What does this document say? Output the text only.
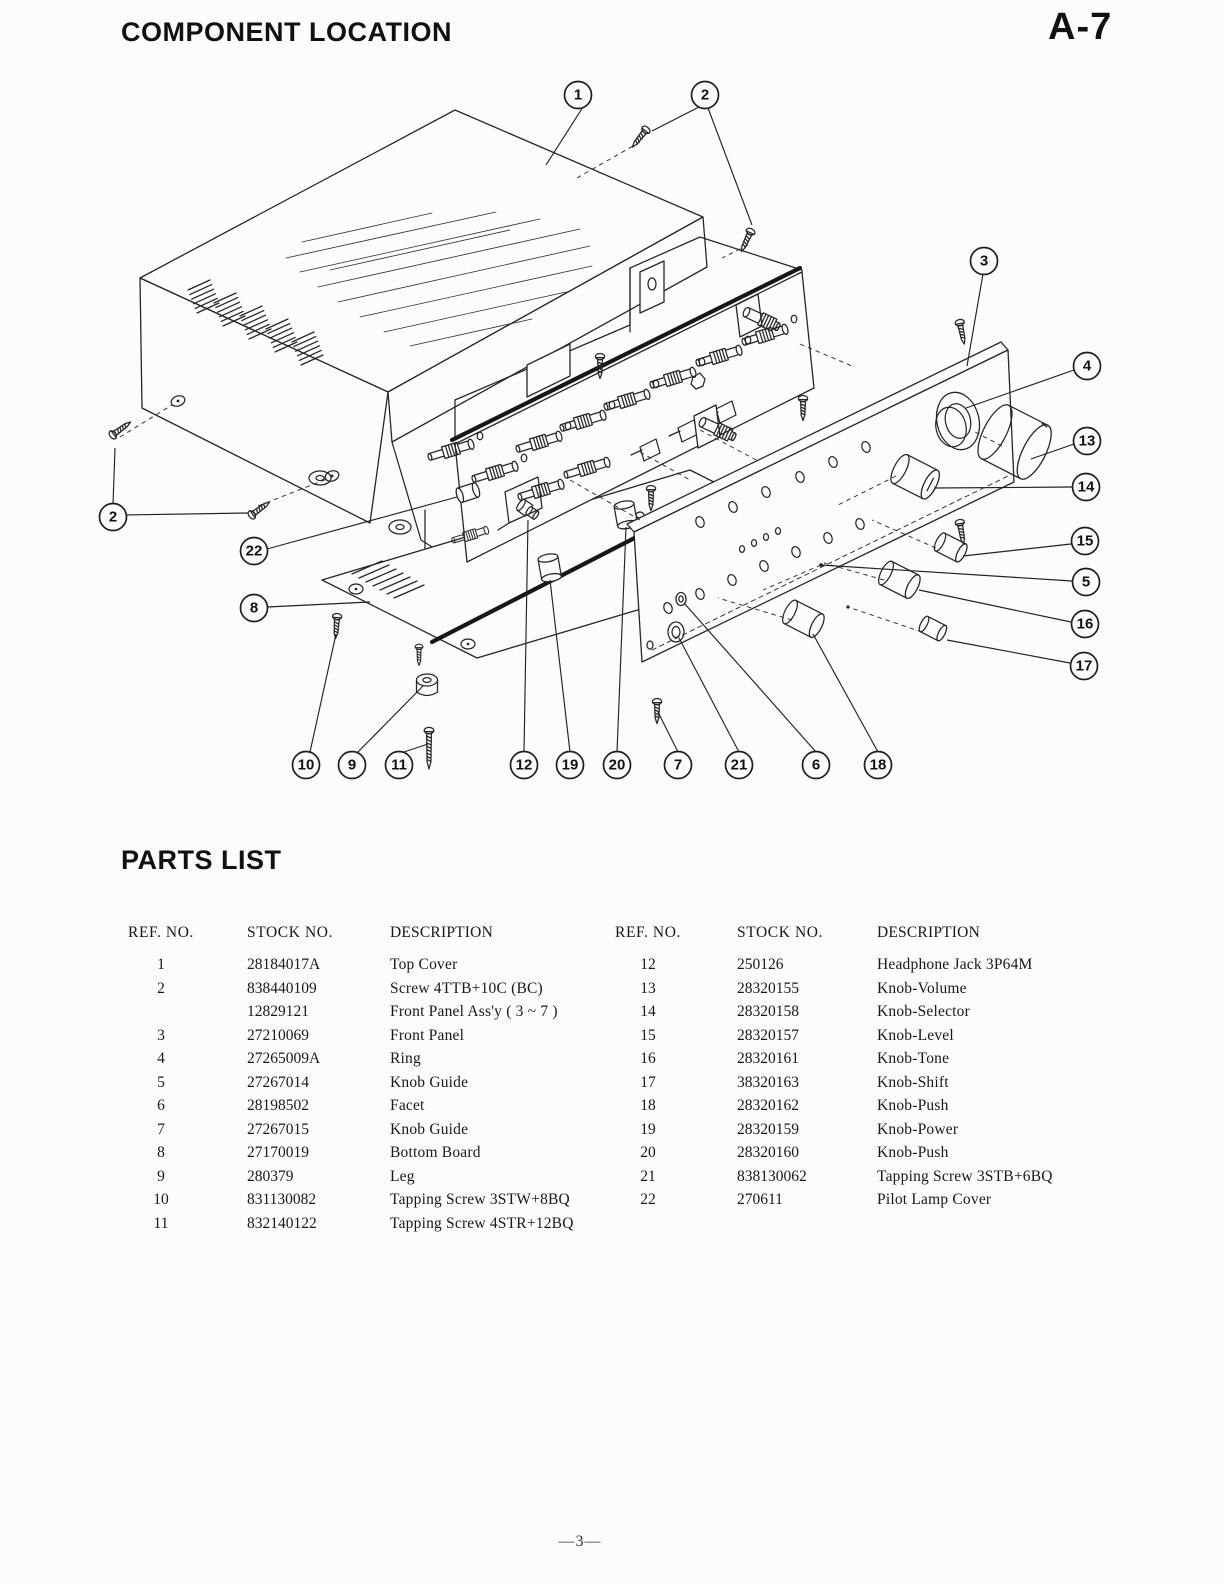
COMPONENT LOCATION	A-7
1	2
2
3
4
13
14
15
5
16
17
22
8
10 9 11	12 19 20	7	21	6	18
PARTS LIST
REF. NO.	STOCK NO.	DESCRIPTION
1	28184017A	Top Cover
2	838440109	Screw 4TTB+10C (BC)
12829121	Front Panel Ass'y ( 3 ~ 7 )
3	27210069	Front Panel
4	27265009A	Ring
5	27267014	Knob Guide
6	28198502	Facet
7	27267015	Knob Guide
8	27170019	Bottom Board
9	280379	Leg
10	831130082	Tapping Screw 3STW+8BQ
11	832140122	Tapping Screw 4STR+12BQ
REF. NO.	STOCK NO.	DESCRIPTION
12	250126	Headphone Jack 3P64M
13	28320155	Knob-Volume
14	28320158	Knob-Selector
15	28320157	Knob-Level
16	28320161	Knob-Tone
17	38320163	Knob-Shift
18	28320162	Knob-Push
19	28320159	Knob-Power
20	28320160	Knob-Push
21	838130062	Tapping Screw 3STB+6BQ
22	270611	Pilot Lamp Cover
—3—
